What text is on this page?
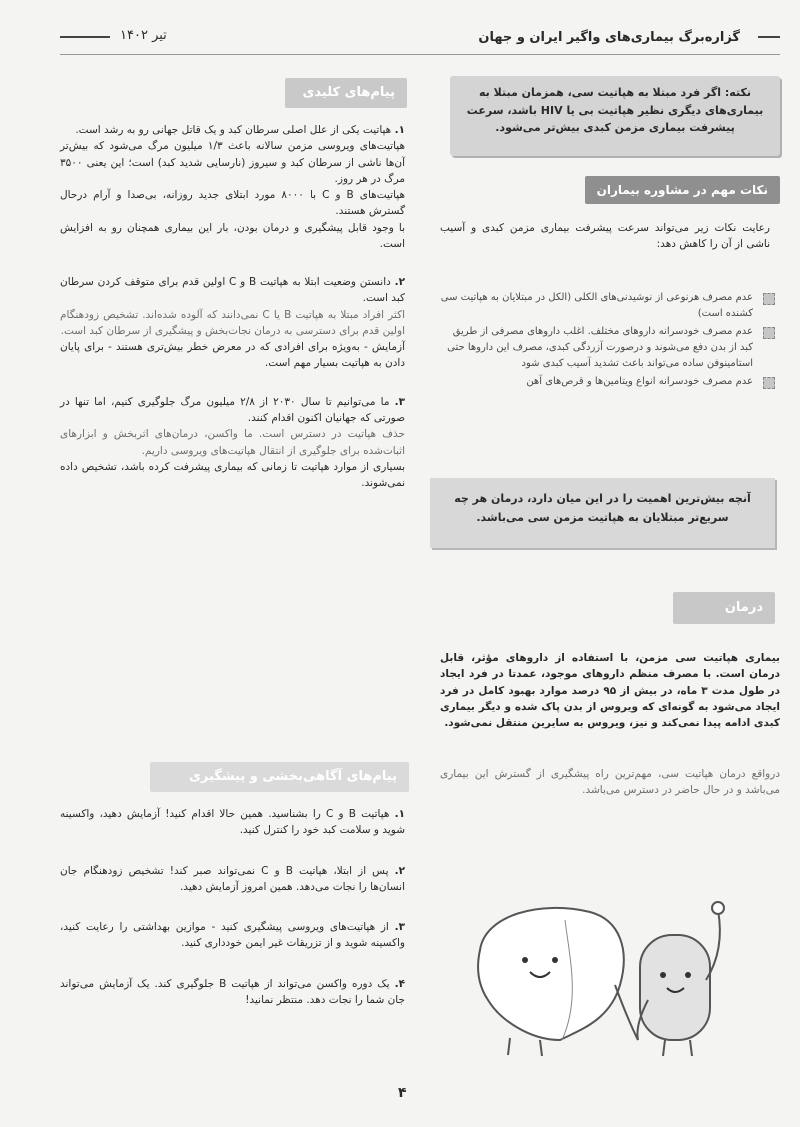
گزاره‌برگ بیماری‌های واگیر ایران و جهان
تیر ۱۴۰۲
نکته: اگر فرد مبتلا به هپاتیت سی، همزمان مبتلا به بیماری‌های دیگری نظیر هپاتیت بی یا HIV باشد، سرعت پیشرفت بیماری مزمن کبدی بیش‌تر می‌شود.
نکات مهم در مشاوره بیماران
رعایت نکات زیر می‌تواند سرعت پیشرفت بیماری مزمن کبدی و آسیب ناشی از آن را کاهش دهد:
عدم مصرف هرنوعی از نوشیدنی‌های الکلی (الکل در مبتلایان به هپاتیت سی کشنده است)
عدم مصرف خودسرانه داروهای مختلف. اغلب داروهای مصرفی از طریق کبد از بدن دفع می‌شوند و درصورت آزردگی کبدی، مصرف این داروها حتی استامینوفن ساده می‌تواند باعث تشدید آسیب کبدی شود
عدم مصرف خودسرانه انواع ویتامین‌ها و قرص‌های آهن
آنچه بیش‌ترین اهمیت را در این میان دارد، درمان هر چه سریع‌تر مبتلایان به هپاتیت مزمن سی می‌باشد.
درمان
بیماری هپاتیت سی مزمن، با استفاده از داروهای مؤثر، قابل درمان است. با مصرف منظم داروهای موجود، عمدتا در فرد ایجاد در طول مدت ۳ ماه، در بیش از ۹۵ درصد موارد بهبود کامل در فرد ایجاد می‌شود به گونه‌ای که ویروس از بدن پاک شده و دیگر بیماری کبدی ادامه پیدا نمی‌کند و نیز، ویروس به سایرین منتقل نمی‌شود.
درواقع درمان هپاتیت سی، مهم‌ترین راه پیشگیری از گسترش این بیماری می‌باشد و در حال حاضر در دسترس می‌باشد.
پیام‌های کلیدی
۱. هپاتیت یکی از علل اصلی سرطان کبد و یک قاتل جهانی رو به رشد است.
هپاتیت‌های ویروسی مزمن سالانه باعث ۱/۳ میلیون مرگ می‌شود که بیش‌تر آن‌ها ناشی از سرطان کبد و سیروز (نارسایی شدید کبد) است؛ این یعنی ۳۵۰۰ مرگ در هر روز.
هپاتیت‌های B و C با ۸۰۰۰ مورد ابتلای جدید روزانه، بی‌صدا و آرام درحال گسترش هستند.
با وجود قابل پیشگیری و درمان بودن، بار این بیماری همچنان رو به افزایش است.
۲. دانستن وضعیت ابتلا به هپاتیت B و C اولین قدم برای متوقف کردن سرطان کبد است.
اکثر افراد مبتلا به هپاتیت B یا C نمی‌دانند که آلوده شده‌اند. تشخیص زودهنگام اولین قدم برای دسترسی به درمان نجات‌بخش و پیشگیری از سرطان کبد است.
آزمایش - به‌ویژه برای افرادی که در معرض خطر بیش‌تری هستند - برای پایان دادن به هپاتیت بسیار مهم است.
۳. ما می‌توانیم تا سال ۲۰۳۰ از ۲/۸ میلیون مرگ جلوگیری کنیم، اما تنها در صورتی که جهانیان اکنون اقدام کنند.
حذف هپاتیت در دسترس است. ما واکسن، درمان‌های اثربخش و ابزارهای اثبات‌شده برای جلوگیری از انتقال هپاتیت‌های ویروسی داریم.
بسیاری از موارد هپاتیت تا زمانی که بیماری پیشرفت کرده باشد، تشخیص داده نمی‌شوند.
پیام‌های آگاهی‌بخشی و پیشگیری
۱. هپاتیت B و C را بشناسید. همین حالا اقدام کنید! آزمایش دهید، واکسینه شوید و سلامت کبد خود را کنترل کنید.
۲. پس از ابتلا، هپاتیت B و C نمی‌تواند صبر کند! تشخیص زودهنگام جان انسان‌ها را نجات می‌دهد. همین امروز آزمایش دهید.
۳. از هپاتیت‌های ویروسی پیشگیری کنید - موازین بهداشتی را رعایت کنید، واکسینه شوید و از تزریقات غیر ایمن خودداری کنید.
۴. یک دوره واکسن می‌تواند از هپاتیت B جلوگیری کند. یک آزمایش می‌تواند جان شما را نجات دهد. منتظر نمانید!
۴
